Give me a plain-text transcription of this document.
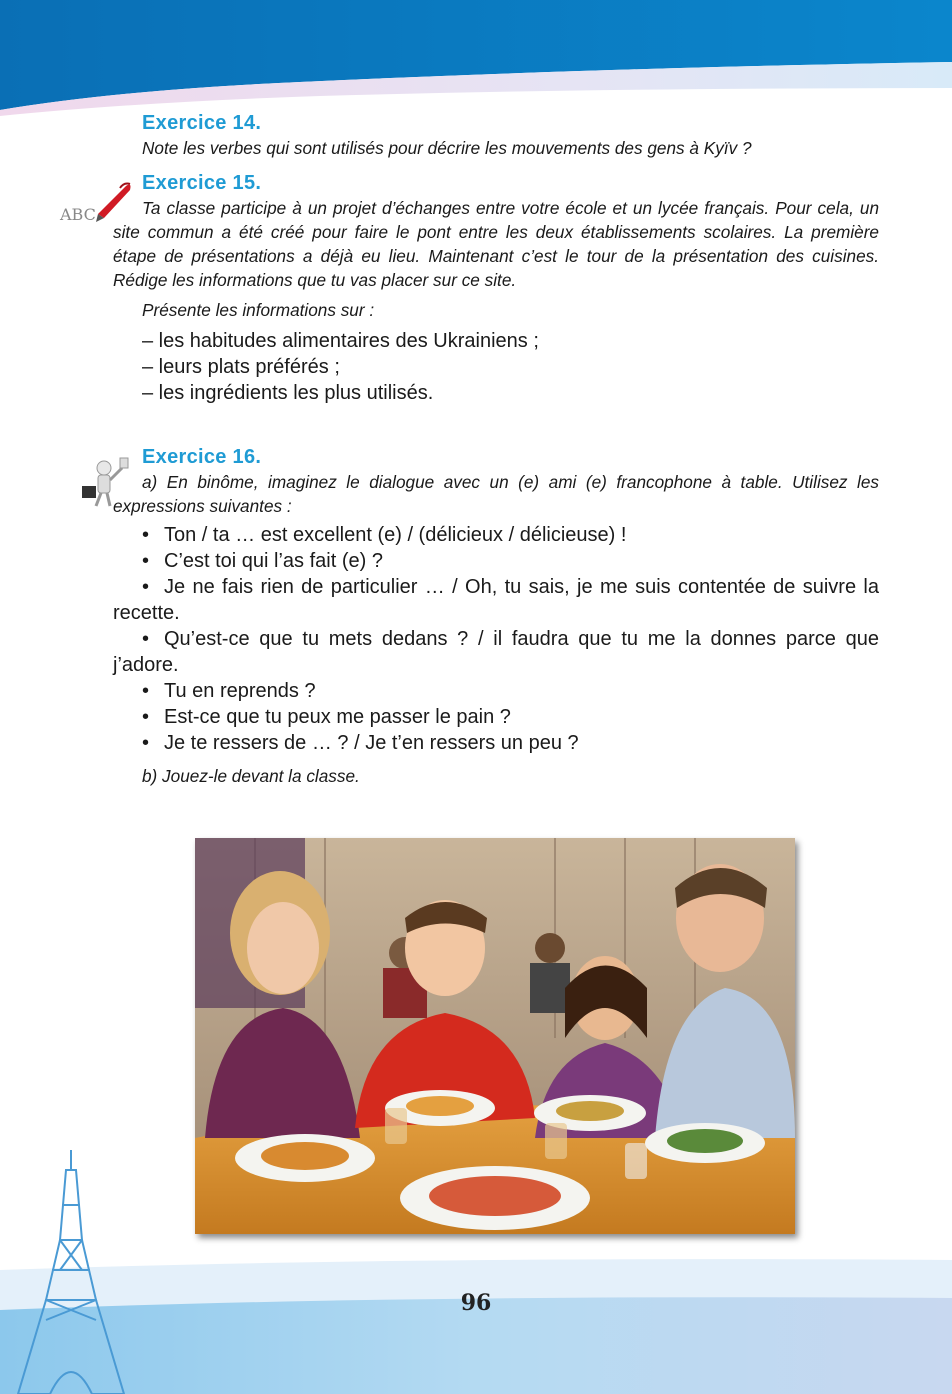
ABC
Exercice 14.

Note les verbes qui sont utilisés pour décrire les mouvements des gens à Kyïv ?

Exercice 15.

Ta classe participe à un projet d’échanges entre votre école et un lycée français. Pour cela, un site commun a été créé pour faire le pont entre les deux établissements scolaires. La première étape de présentations a déjà eu lieu. Maintenant c’est le tour de la présentation des cuisines. Rédige les informations que tu vas placer sur ce site.

Présente les informations sur :

– les habitudes alimentaires des Ukrainiens ;
– leurs plats préférés ;
– les ingrédients les plus utilisés.
Exercice 16.

a) En binôme, imaginez le dialogue avec un (e) ami (e) francophone à table. Utilisez les expressions suivantes :

• Ton / ta … est excellent (e) / (délicieux / délicieuse) !

• C’est toi qui l’as fait (e) ?

• Je ne fais rien de particulier … / Oh, tu sais, je me suis contentée de suivre la recette.

• Qu’est-ce que tu mets dedans ? / il faudra que tu me la donnes parce que j’adore.

• Tu en reprends ?

• Est-ce que tu peux me passer le pain ?

• Je te ressers de … ? / Je t’en ressers un peu ?

b) Jouez-le devant la classe.

96
